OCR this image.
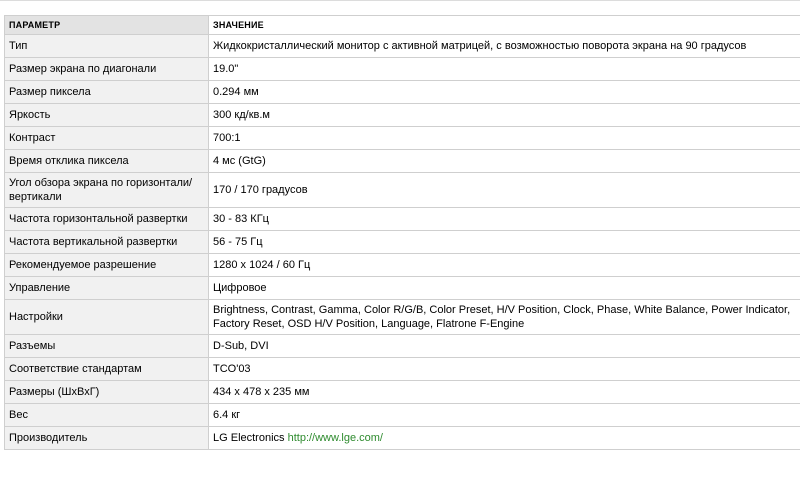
ПАРАМЕТР	ЗНАЧЕНИЕ
Тип	Жидкокристаллический монитор с активной матрицей, с возможностью поворота экрана на 90 градусов
Размер экрана по диагонали	19.0"
Размер пиксела	0.294 мм
Яркость	300 кд/кв.м
Контраст	700:1
Время отклика пиксела	4 мс (GtG)
Угол обзора экрана по горизонтали/вертикали	170 / 170 градусов
Частота горизонтальной развертки	30 - 83 КГц
Частота вертикальной развертки	56 - 75 Гц
Рекомендуемое разрешение	1280 x 1024 / 60 Гц
Управление	Цифровое
Настройки	Brightness, Contrast, Gamma, Color R/G/B, Color Preset, H/V Position, Clock, Phase, White Balance, Power Indicator, Factory Reset, OSD H/V Position, Language, Flatrone F-Engine
Разъемы	D-Sub, DVI
Соответствие стандартам	TCO'03
Размеры (ШхВхГ)	434 x 478 x 235 мм
Вес	6.4 кг
Производитель	LG Electronics http://www.lge.com/
